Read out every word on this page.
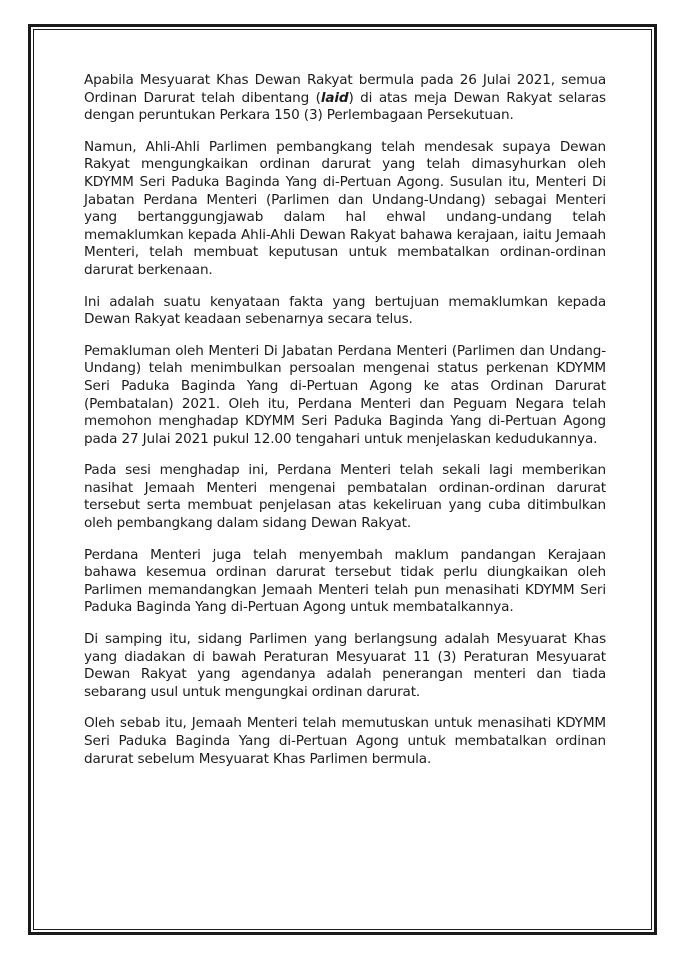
Apabila Mesyuarat Khas Dewan Rakyat bermula pada 26 Julai 2021, semua Ordinan Darurat telah dibentang (laid) di atas meja Dewan Rakyat selaras dengan peruntukan Perkara 150 (3) Perlembagaan Persekutuan.

Namun, Ahli-Ahli Parlimen pembangkang telah mendesak supaya Dewan Rakyat mengungkaikan ordinan darurat yang telah dimasyhurkan oleh KDYMM Seri Paduka Baginda Yang di-Pertuan Agong. Susulan itu, Menteri Di Jabatan Perdana Menteri (Parlimen dan Undang-Undang) sebagai Menteri yang bertanggungjawab dalam hal ehwal undang-undang telah memaklumkan kepada Ahli-Ahli Dewan Rakyat bahawa kerajaan, iaitu Jemaah Menteri, telah membuat keputusan untuk membatalkan ordinan-ordinan darurat berkenaan.

Ini adalah suatu kenyataan fakta yang bertujuan memaklumkan kepada Dewan Rakyat keadaan sebenarnya secara telus.

Pemakluman oleh Menteri Di Jabatan Perdana Menteri (Parlimen dan Undang-Undang) telah menimbulkan persoalan mengenai status perkenan KDYMM Seri Paduka Baginda Yang di-Pertuan Agong ke atas Ordinan Darurat (Pembatalan) 2021. Oleh itu, Perdana Menteri dan Peguam Negara telah memohon menghadap KDYMM Seri Paduka Baginda Yang di-Pertuan Agong pada 27 Julai 2021 pukul 12.00 tengahari untuk menjelaskan kedudukannya.

Pada sesi menghadap ini, Perdana Menteri telah sekali lagi memberikan nasihat Jemaah Menteri mengenai pembatalan ordinan-ordinan darurat tersebut serta membuat penjelasan atas kekeliruan yang cuba ditimbulkan oleh pembangkang dalam sidang Dewan Rakyat.

Perdana Menteri juga telah menyembah maklum pandangan Kerajaan bahawa kesemua ordinan darurat tersebut tidak perlu diungkaikan oleh Parlimen memandangkan Jemaah Menteri telah pun menasihati KDYMM Seri Paduka Baginda Yang di-Pertuan Agong untuk membatalkannya.

Di samping itu, sidang Parlimen yang berlangsung adalah Mesyuarat Khas yang diadakan di bawah Peraturan Mesyuarat 11 (3) Peraturan Mesyuarat Dewan Rakyat yang agendanya adalah penerangan menteri dan tiada sebarang usul untuk mengungkai ordinan darurat.

Oleh sebab itu, Jemaah Menteri telah memutuskan untuk menasihati KDYMM Seri Paduka Baginda Yang di-Pertuan Agong untuk membatalkan ordinan darurat sebelum Mesyuarat Khas Parlimen bermula.
